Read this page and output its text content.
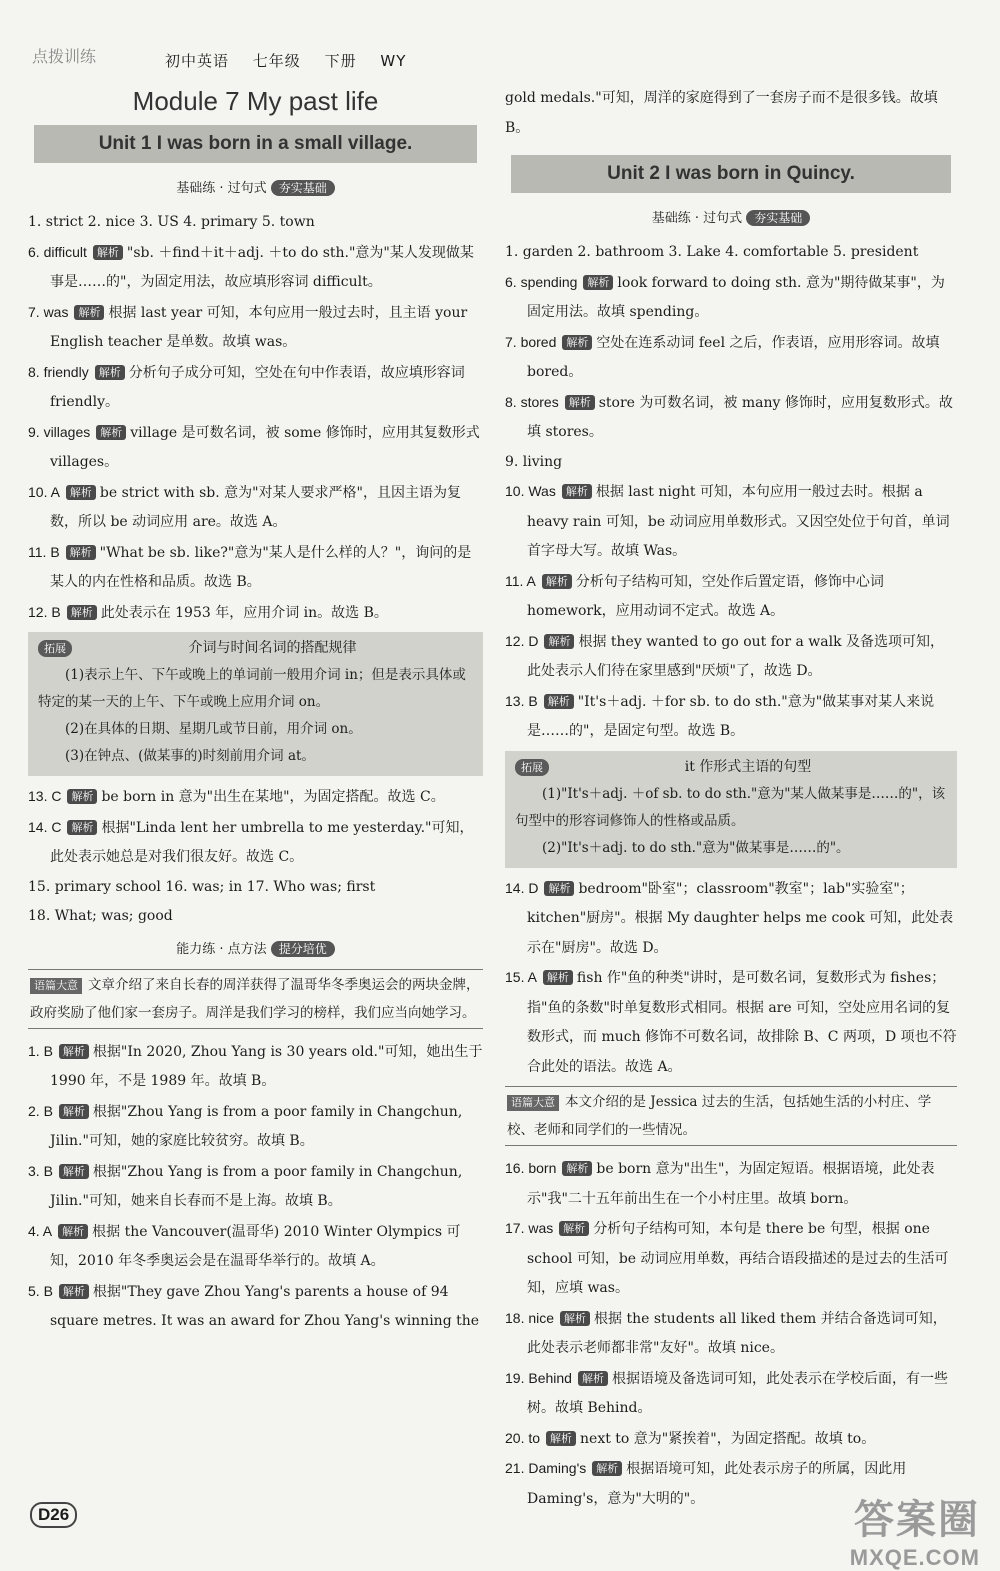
点拨训练	初中英语 七年级 下册 WY
Module 7 My past life
Unit 1 I was born in a small village.
基础练 · 过句式 夯实基础

1. strict 2. nice 3. US 4. primary 5. town

6. difficult 解析 "sb. ＋find＋it＋adj. ＋to do sth."意为"某人发现做某事是……的"，为固定用法，故应填形容词 difficult。

7. was 解析 根据 last year 可知，本句应用一般过去时，且主语 your English teacher 是单数。故填 was。

8. friendly 解析 分析句子成分可知，空处在句中作表语，故应填形容词 friendly。

9. villages 解析 village 是可数名词，被 some 修饰时，应用其复数形式 villages。

10. A 解析 be strict with sb. 意为"对某人要求严格"，且因主语为复数，所以 be 动词应用 are。故选 A。

11. B 解析 "What be sb. like?"意为"某人是什么样的人？"，询问的是某人的内在性格和品质。故选 B。

12. B 解析 此处表示在 1953 年，应用介词 in。故选 B。

拓展	介词与时间名词的搭配规律

(1)表示上午、下午或晚上的单词前一般用介词 in；但是表示具体或特定的某一天的上午、下午或晚上应用介词 on。

(2)在具体的日期、星期几或节日前，用介词 on。

(3)在钟点、(做某事的)时刻前用介词 at。

13. C 解析 be born in 意为"出生在某地"，为固定搭配。故选 C。

14. C 解析 根据"Linda lent her umbrella to me yesterday."可知，此处表示她总是对我们很友好。故选 C。

15. primary school 16. was; in 17. Who was; first

18. What; was; good

能力练 · 点方法 提分培优
语篇大意 文章介绍了来自长春的周洋获得了温哥华冬季奥运会的两块金牌，政府奖励了他们家一套房子。周洋是我们学习的榜样，我们应当向她学习。

1. B 解析 根据"In 2020, Zhou Yang is 30 years old."可知，她出生于 1990 年，不是 1989 年。故填 B。

2. B 解析 根据"Zhou Yang is from a poor family in Changchun, Jilin."可知，她的家庭比较贫穷。故填 B。

3. B 解析 根据"Zhou Yang is from a poor family in Changchun, Jilin."可知，她来自长春而不是上海。故填 B。

4. A 解析 根据 the Vancouver(温哥华) 2010 Winter Olympics 可知，2010 年冬季奥运会是在温哥华举行的。故填 A。

5. B 解析 根据"They gave Zhou Yang's parents a house of 94 square metres. It was an award for Zhou Yang's winning the

gold medals."可知，周洋的家庭得到了一套房子而不是很多钱。故填 B。

Unit 2 I was born in Quincy.
基础练 · 过句式 夯实基础

1. garden 2. bathroom 3. Lake 4. comfortable 5. president

6. spending 解析 look forward to doing sth. 意为"期待做某事"，为固定用法。故填 spending。

7. bored 解析 空处在连系动词 feel 之后，作表语，应用形容词。故填 bored。

8. stores 解析 store 为可数名词，被 many 修饰时，应用复数形式。故填 stores。

9. living

10. Was 解析 根据 last night 可知，本句应用一般过去时。根据 a heavy rain 可知，be 动词应用单数形式。又因空处位于句首，单词首字母大写。故填 Was。

11. A 解析 分析句子结构可知，空处作后置定语，修饰中心词 homework，应用动词不定式。故选 A。

12. D 解析 根据 they wanted to go out for a walk 及备选项可知，此处表示人们待在家里感到"厌烦"了，故选 D。

13. B 解析 "It's＋adj. ＋for sb. to do sth."意为"做某事对某人来说是……的"，是固定句型。故选 B。

拓展	it 作形式主语的句型

(1)"It's＋adj. ＋of sb. to do sth."意为"某人做某事是……的"，该句型中的形容词修饰人的性格或品质。

(2)"It's＋adj. to do sth."意为"做某事是……的"。

14. D 解析 bedroom"卧室"；classroom"教室"；lab"实验室"；kitchen"厨房"。根据 My daughter helps me cook 可知，此处表示在"厨房"。故选 D。

15. A 解析 fish 作"鱼的种类"讲时，是可数名词，复数形式为 fishes；指"鱼的条数"时单复数形式相同。根据 are 可知，空处应用名词的复数形式，而 much 修饰不可数名词，故排除 B、C 两项，D 项也不符合此处的语法。故选 A。

语篇大意 本文介绍的是 Jessica 过去的生活，包括她生活的小村庄、学校、老师和同学们的一些情况。

16. born 解析 be born 意为"出生"，为固定短语。根据语境，此处表示"我"二十五年前出生在一个小村庄里。故填 born。

17. was 解析 分析句子结构可知，本句是 there be 句型，根据 one school 可知，be 动词应用单数，再结合语段描述的是过去的生活可知，应填 was。

18. nice 解析 根据 the students all liked them 并结合备选词可知，此处表示老师都非常"友好"。故填 nice。

19. Behind 解析 根据语境及备选词可知，此处表示在学校后面，有一些树。故填 Behind。

20. to 解析 next to 意为"紧挨着"，为固定搭配。故填 to。

21. Daming's 解析 根据语境可知，此处表示房子的所属，因此用 Daming's，意为"大明的"。

D26	答案圈
MXQE.COM
